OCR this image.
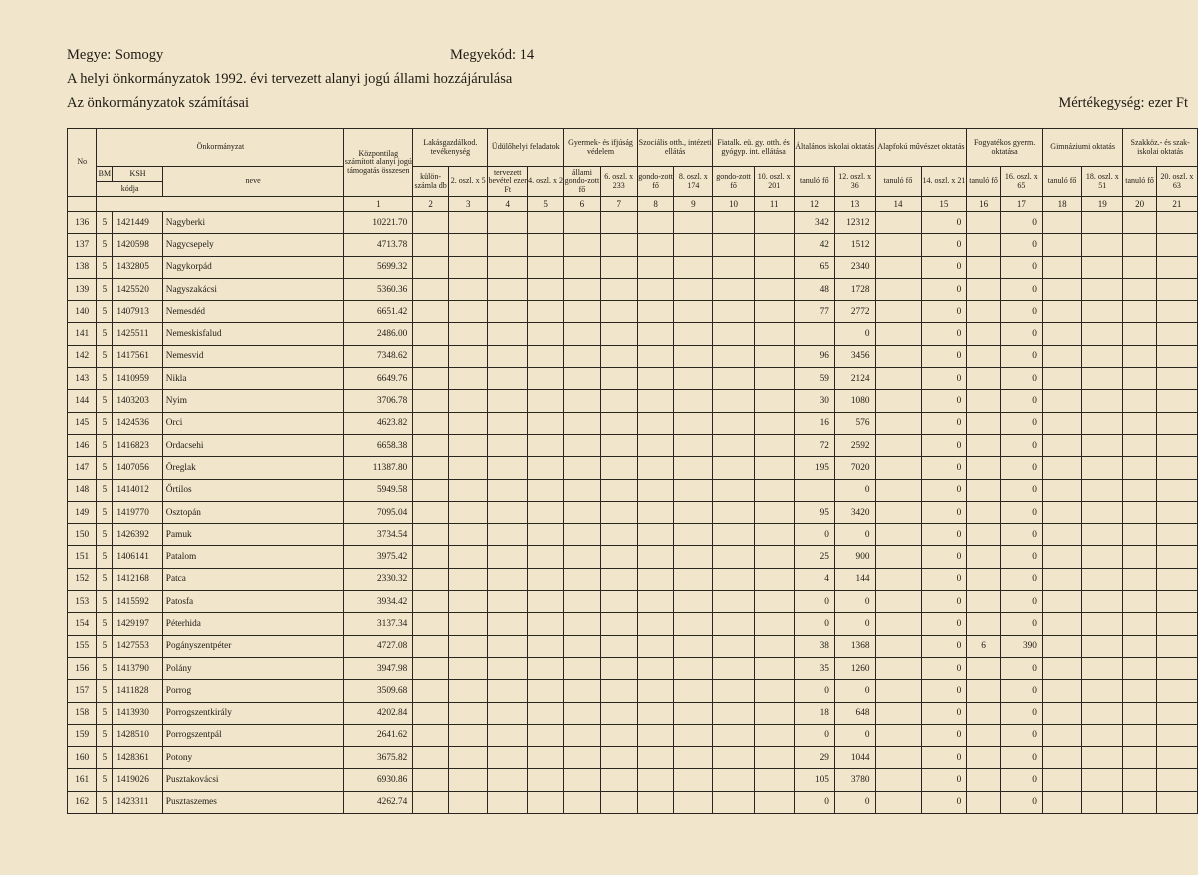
Megye: Somogy	Megyekód: 14
A helyi önkormányzatok 1992. évi tervezett alanyi jogú állami hozzájárulása
Az önkormányzatok számításai	Mértékegység: ezer Ft
No	Önkormányzat			Központilag számított alanyi jogú támogatás összesen	Lakásgazdálkod. tevékenység		Üdülőhelyi feladatok		Gyermek- és ifjúság védelem		Szociális otth., intézeti ellátás		Fiatalk. eü. gy. otth. és gyógyp. int. ellátása		Általános iskolai oktatás		Alapfokú művészet oktatás		Fogyatékos gyerm. oktatása		Gimnáziumi oktatás		Szakköz.- és szak-iskolai oktatás	
	BM	KSH	neve		külön-számla db	2. oszl. x 5	tervezett bevétel ezer Ft	4. oszl. x 2	állami gondo-zott fő	6. oszl. x 233	gondo-zott fő	8. oszl. x 174	gondo-zott fő	10. oszl. x 201	tanuló fő	12. oszl. x 36	tanuló fő	14. oszl. x 21	tanuló fő	16. oszl. x 65	tanuló fő	18. oszl. x 51	tanuló fő	20. oszl. x 63
	kódja																							
				1	2	3	4	5	6	7	8	9	10	11	12	13	14	15	16	17	18	19	20	21
136	5	1421449	Nagyberki	10221.70											342	12312		0		0				
137	5	1420598	Nagycsepely	4713.78											42	1512		0		0				
138	5	1432805	Nagykorpád	5699.32											65	2340		0		0				
139	5	1425520	Nagyszakácsi	5360.36											48	1728		0		0				
140	5	1407913	Nemesdéd	6651.42											77	2772		0		0				
141	5	1425511	Nemeskisfalud	2486.00												0		0		0				
142	5	1417561	Nemesvid	7348.62											96	3456		0		0				
143	5	1410959	Nikla	6649.76											59	2124		0		0				
144	5	1403203	Nyim	3706.78											30	1080		0		0				
145	5	1424536	Orci	4623.82											16	576		0		0				
146	5	1416823	Ordacsehi	6658.38											72	2592		0		0				
147	5	1407056	Öreglak	11387.80											195	7020		0		0				
148	5	1414012	Őrtilos	5949.58												0		0		0				
149	5	1419770	Osztopán	7095.04											95	3420		0		0				
150	5	1426392	Pamuk	3734.54											0	0		0		0				
151	5	1406141	Patalom	3975.42											25	900		0		0				
152	5	1412168	Patca	2330.32											4	144		0		0				
153	5	1415592	Patosfa	3934.42											0	0		0		0				
154	5	1429197	Péterhida	3137.34											0	0		0		0				
155	5	1427553	Pogányszentpéter	4727.08											38	1368		0	6	390				
156	5	1413790	Polány	3947.98											35	1260		0		0				
157	5	1411828	Porrog	3509.68											0	0		0		0				
158	5	1413930	Porrogszentkirály	4202.84											18	648		0		0				
159	5	1428510	Porrogszentpál	2641.62											0	0		0		0				
160	5	1428361	Potony	3675.82											29	1044		0		0				
161	5	1419026	Pusztakovácsi	6930.86											105	3780		0		0				
162	5	1423311	Pusztaszemes	4262.74											0	0		0		0				
